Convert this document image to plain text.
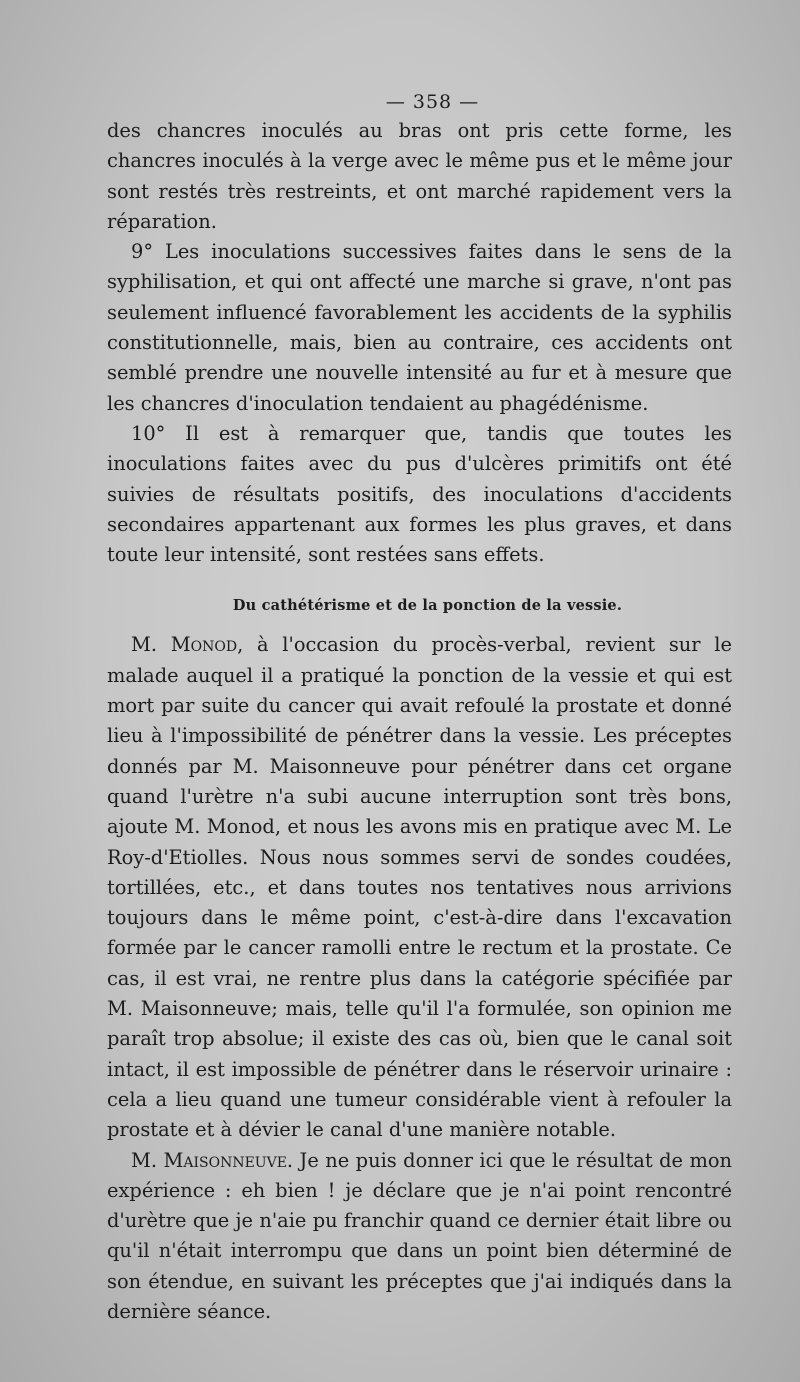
— 358 —

des chancres inoculés au bras ont pris cette forme, les chancres inoculés à la verge avec le même pus et le même jour sont restés très restreints, et ont marché rapidement vers la réparation.

9° Les inoculations successives faites dans le sens de la syphilisation, et qui ont affecté une marche si grave, n'ont pas seulement influencé favorablement les accidents de la syphilis constitutionnelle, mais, bien au contraire, ces accidents ont semblé prendre une nouvelle intensité au fur et à mesure que les chancres d'inoculation tendaient au phagédénisme.

10° Il est à remarquer que, tandis que toutes les inoculations faites avec du pus d'ulcères primitifs ont été suivies de résultats positifs, des inoculations d'accidents secondaires appartenant aux formes les plus graves, et dans toute leur intensité, sont restées sans effets.

Du cathétérisme et de la ponction de la vessie.

M. Monod, à l'occasion du procès-verbal, revient sur le malade auquel il a pratiqué la ponction de la vessie et qui est mort par suite du cancer qui avait refoulé la prostate et donné lieu à l'impossibilité de pénétrer dans la vessie. Les préceptes donnés par M. Maisonneuve pour pénétrer dans cet organe quand l'urètre n'a subi aucune interruption sont très bons, ajoute M. Monod, et nous les avons mis en pratique avec M. Le Roy-d'Etiolles. Nous nous sommes servi de sondes coudées, tortillées, etc., et dans toutes nos tentatives nous arrivions toujours dans le même point, c'est-à-dire dans l'excavation formée par le cancer ramolli entre le rectum et la prostate. Ce cas, il est vrai, ne rentre plus dans la catégorie spécifiée par M. Maisonneuve; mais, telle qu'il l'a formulée, son opinion me paraît trop absolue; il existe des cas où, bien que le canal soit intact, il est impossible de pénétrer dans le réservoir urinaire : cela a lieu quand une tumeur considérable vient à refouler la prostate et à dévier le canal d'une manière notable.

M. Maisonneuve. Je ne puis donner ici que le résultat de mon expérience : eh bien ! je déclare que je n'ai point rencontré d'urètre que je n'aie pu franchir quand ce dernier était libre ou qu'il n'était interrompu que dans un point bien déterminé de son étendue, en suivant les préceptes que j'ai indiqués dans la dernière séance.
